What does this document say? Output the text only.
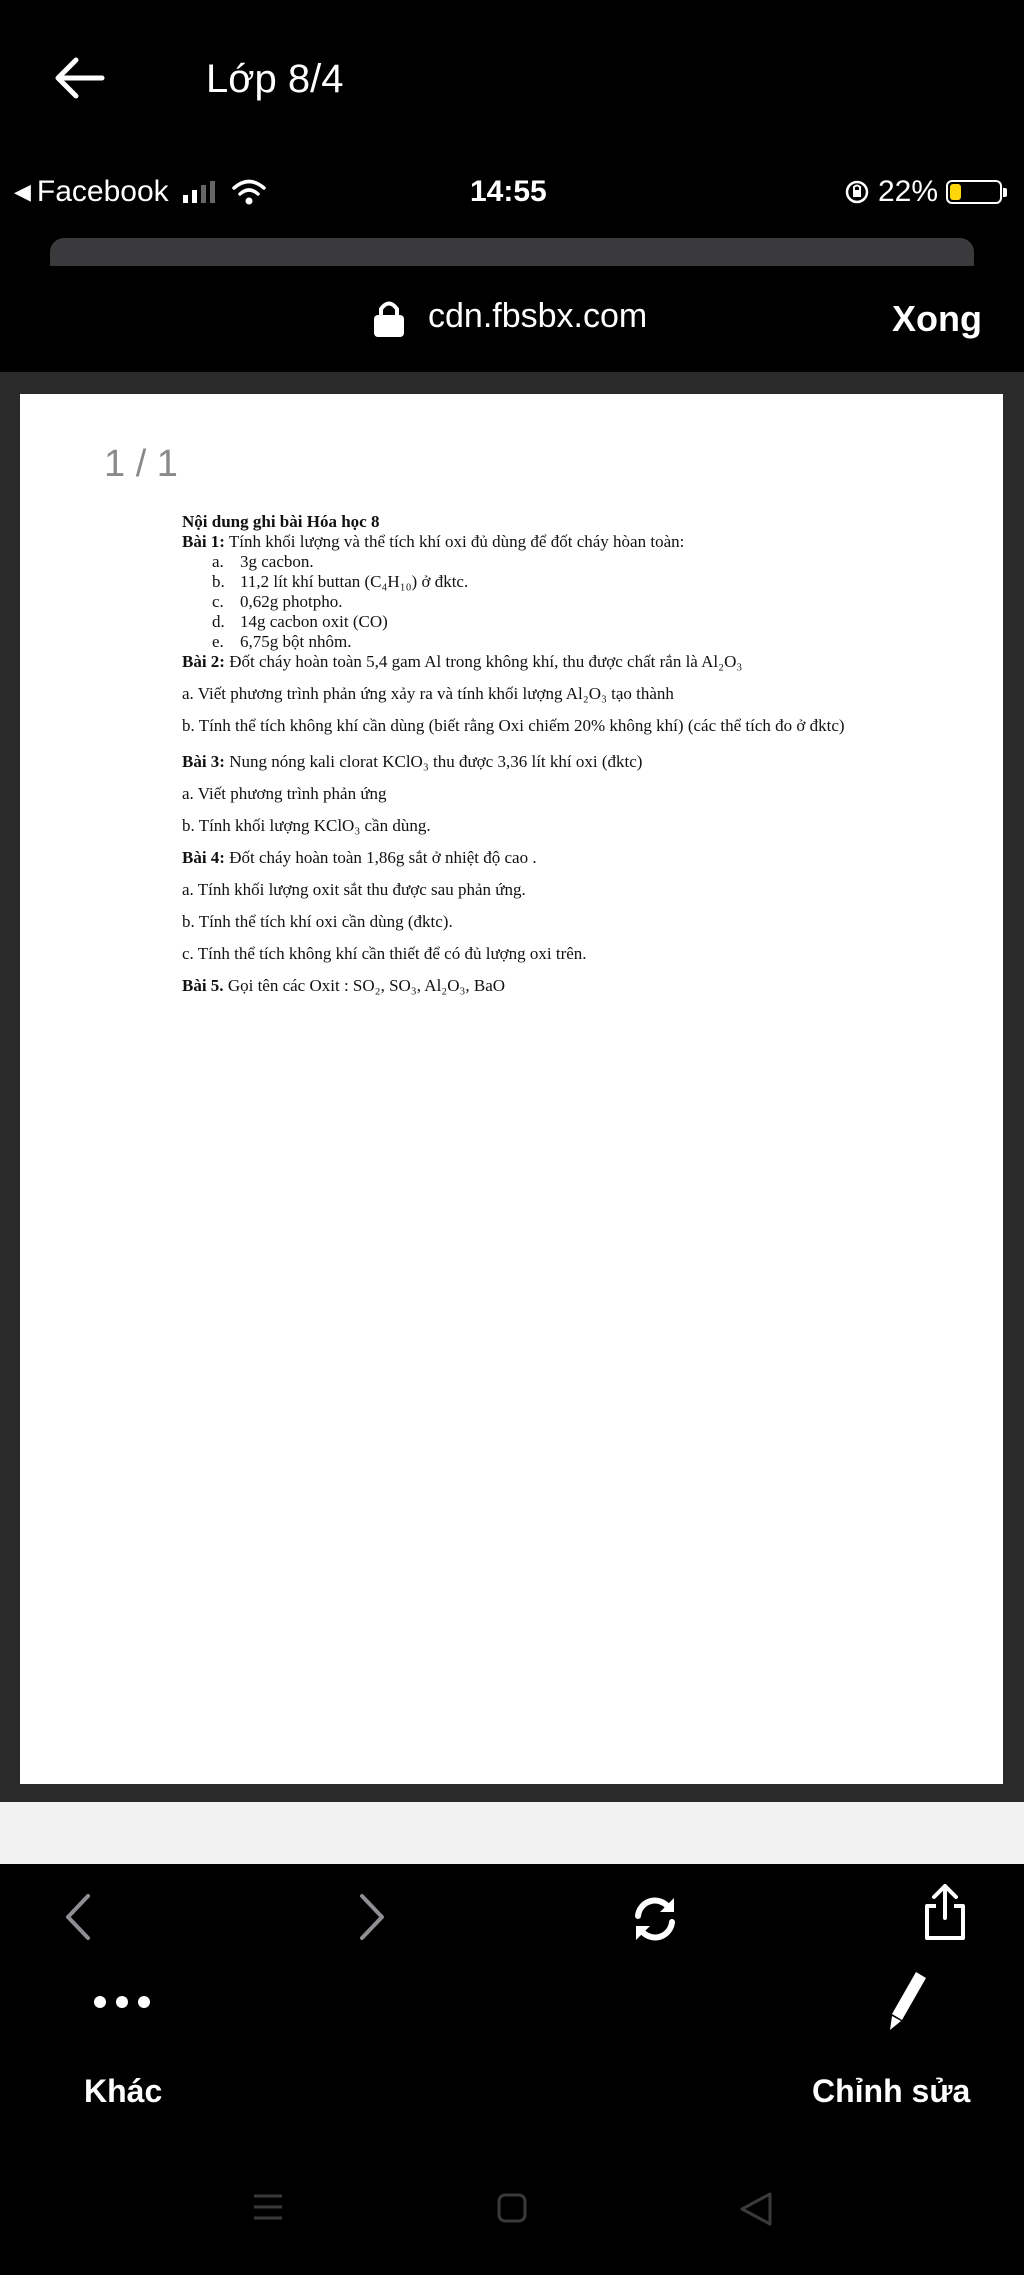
Lớp 8/4
◀ Facebook	14:55	22%
cdn.fbsbx.com	Xong
1 / 1

Nội dung ghi bài Hóa học 8

Bài 1: Tính khối lượng và thể tích khí oxi đủ dùng để đốt cháy hòan toàn:

a. 3g cacbon.

b. 11,2 lít khí buttan (C₄H₁₀) ở đktc.

c. 0,62g photpho.

d. 14g cacbon oxit (CO)

e. 6,75g bột nhôm.

Bài 2: Đốt cháy hoàn toàn 5,4 gam Al trong không khí, thu được chất rắn là Al₂O₃

a. Viết phương trình phản ứng xảy ra và tính khối lượng Al₂O₃ tạo thành

b. Tính thể tích không khí cần dùng (biết rằng Oxi chiếm 20% không khí) (các thể tích đo ở đktc)

Bài 3: Nung nóng kali clorat KClO₃ thu được 3,36 lít khí oxi (đktc)

a. Viết phương trình phản ứng

b. Tính khối lượng KClO₃ cần dùng.

Bài 4: Đốt cháy hoàn toàn 1,86g sắt ở nhiệt độ cao .

a. Tính khối lượng oxit sắt thu được sau phản ứng.

b. Tính thể tích khí oxi cần dùng (đktc).

c. Tính thể tích không khí cần thiết để có đủ lượng oxi trên.

Bài 5. Gọi tên các Oxit : SO₂, SO₃, Al₂O₃, BaO

Khác	Chỉnh sửa
